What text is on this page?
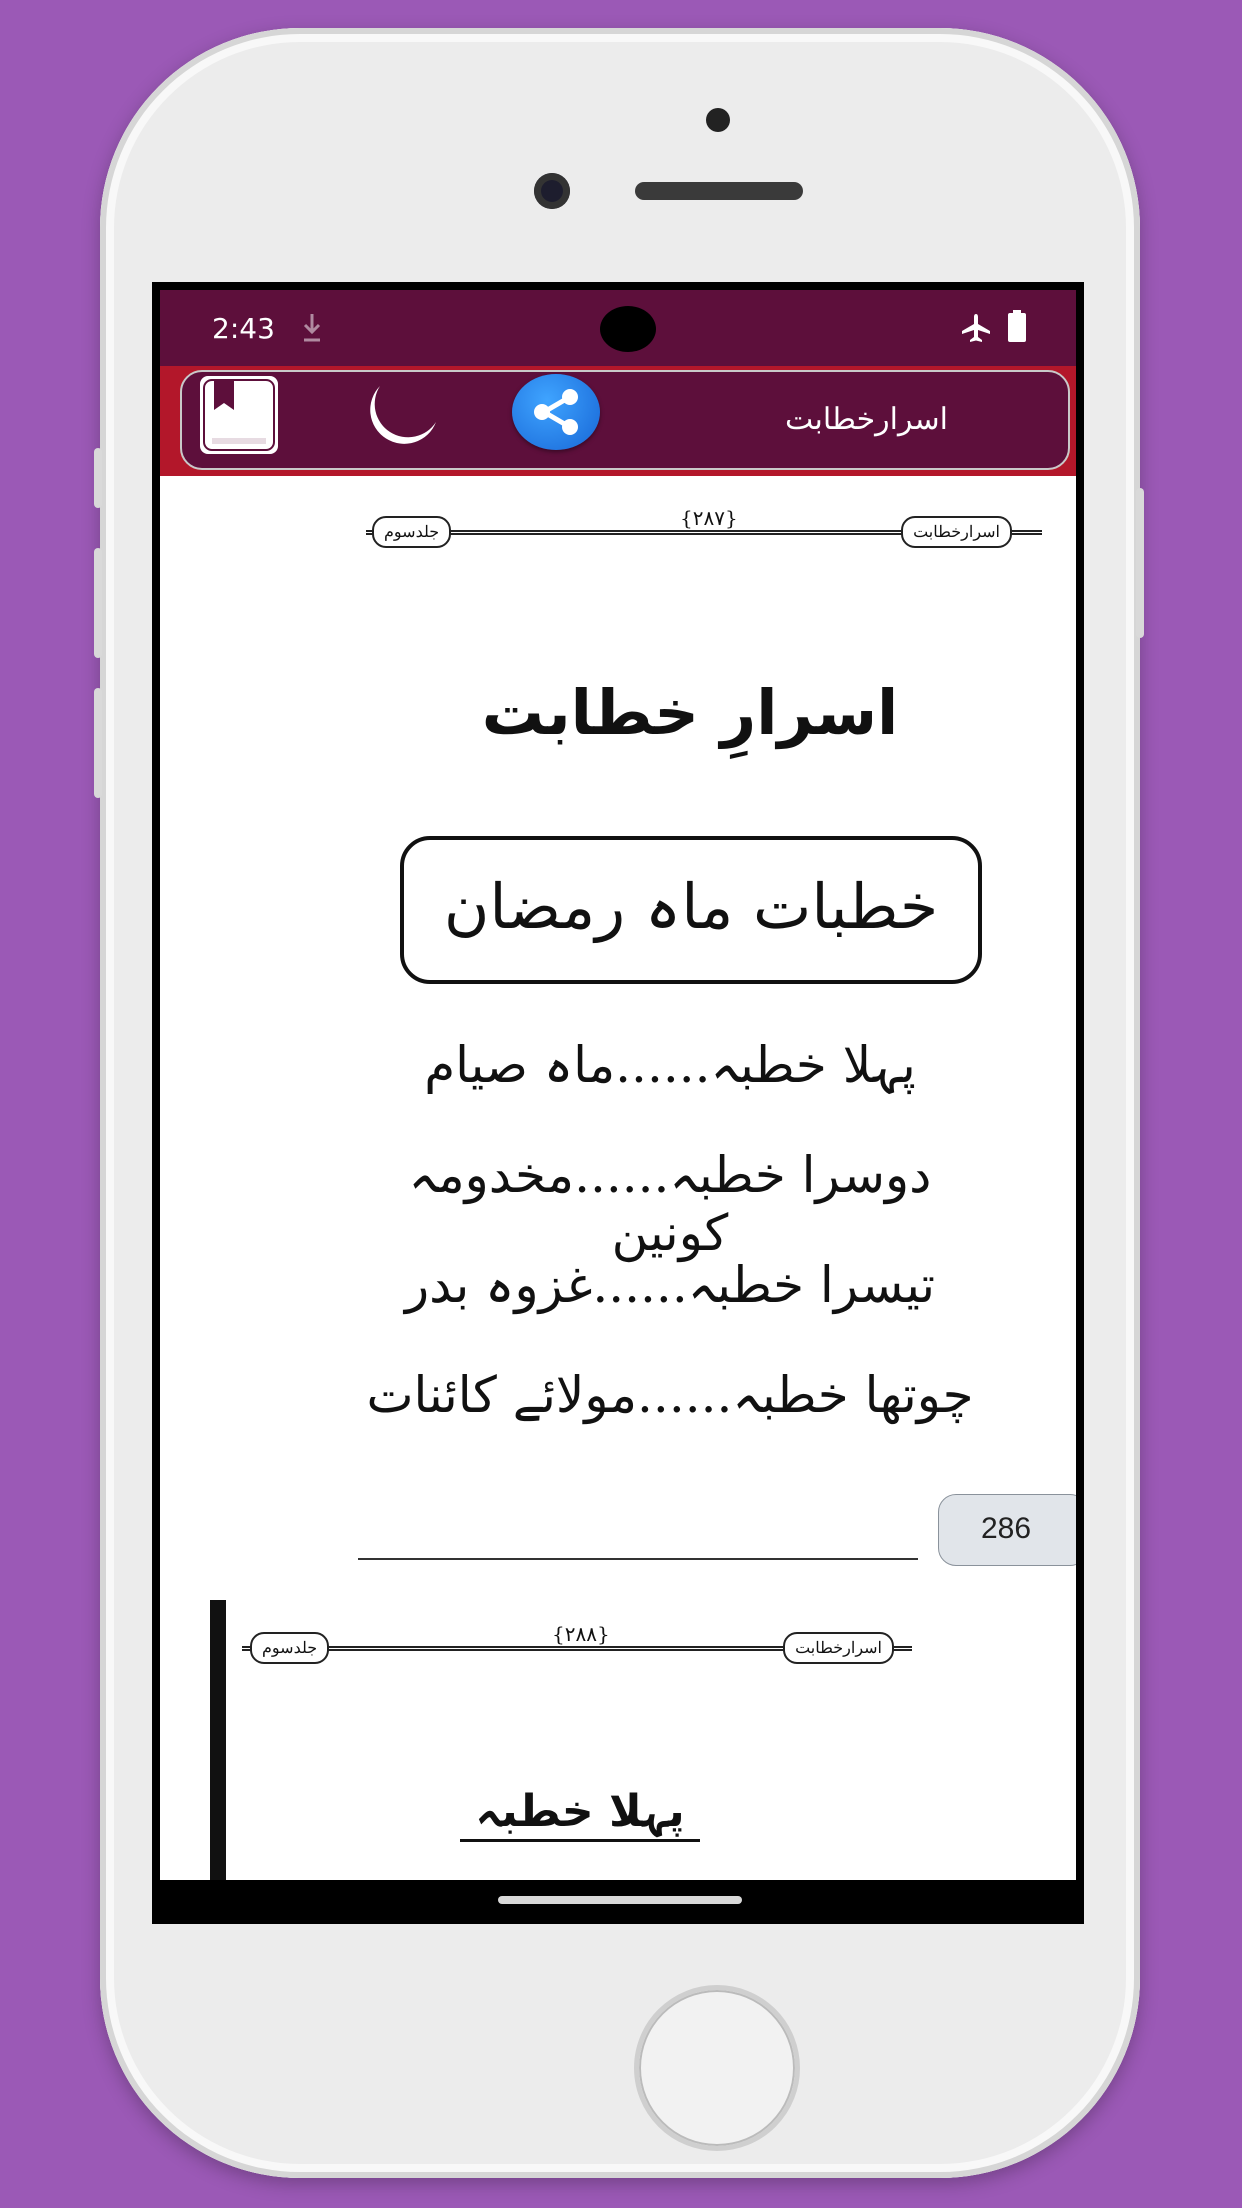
2:43
اسرارخطابت
جلدسوم
{۲۸۷}
اسرارخطابت
اسرارِ خطابت
خطبات ماہ رمضان
پہلا خطبہ......ماہ صیام
دوسرا خطبہ......مخدومہ کونین
تیسرا خطبہ......غزوہ بدر
چوتھا خطبہ......مولائے کائنات
286
جلدسوم
{۲۸۸}
اسرارخطابت
پہلا خطبہ
